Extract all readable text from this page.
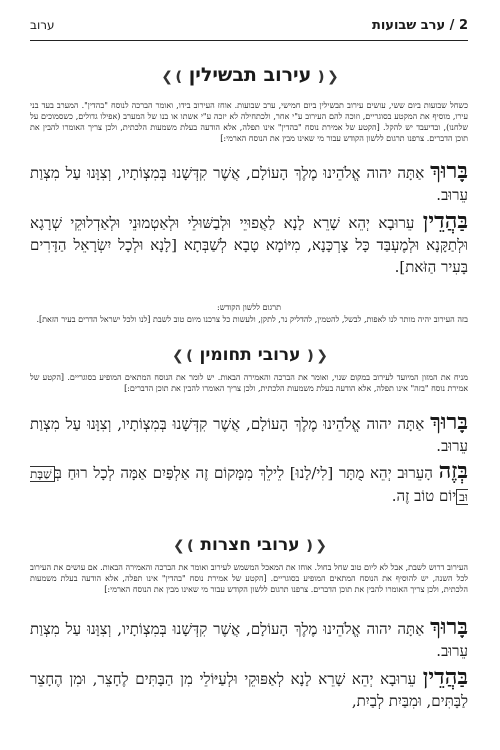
2 / ערב שבועות
ערוב
❮❪עירוב תבשילין❫❯
כשחל שבועות ביום ששי, עושים עירוב תבשילין ביום חמישי, ערב שבועות. אוחז העירוב בידו, ואומר הברכה לנוסח "בהדין". המערב בעד בני עירו, מוסיף את המקטע בסוגריים, וזוכה להם העירוב ע"י אחר, ולכתחילה לא יזכה ע"י אשתו או בנו של המערב (אפילו גדולים, כשסמוכים על שלחנו), ובדיעבד יש להקל. [הקטע של אמירת נוסח "בהדין" אינו תפלה, אלא הודעה בעלת משמעות הלכתית, ולכן צריך האומרו להבין את תוכן הדברים. צרפנו תרגום ללשון הקודש עבור מי שאינו מבין את הנוסח הארמי:]
בָּרוּךְ אַתָּה יהוה אֱלֹהֵינוּ מֶלֶךְ הָעוֹלָם, אֲשֶׁר קִדְּשָׁנוּ בְּמִצְוֹתָיו, וְצִוָּנוּ עַל מִצְוַת עֵרוּב.
בַּהֲדֵין עֵרוּבָא יְהֵא שָׁרֵא לָנָא לַאֲפוּיֵי וּלְבַשּׁוּלֵי וּלְאַטְמוּנֵי וּלְאַדְלוּקֵי שְׁרָגָא וּלְתַקָּנָא וּלְמֶעְבַּד כָּל צָרְכָּנָא, מִיּוֹמָא טָבָא לְשַׁבְּתָא [לָנָא וּלְכָל יִשְׂרָאֵל הַדָּרִים בָּעִיר הַזֹּאת].
תרגום ללשון הקודש:
בזה העירוב יהיה מותר לנו לאפות, לבשל, להטמין, להדליק נר, לתקן, ולעשות כל צרכנו מיום טוב לשבת [לנו ולכל ישראל הדרים בעיר הזאת].
❮❪ערובי תחומין❫❯
מניח את המזון המיועד לעירוב במקום שנוי, ואומר את הברכה והאמירה הבאות. יש לומר את הנוסח המתאים המופיע בסוגריים. [הקטע של אמירת נוסח "בזה" אינו תפלה, אלא הודעה בעלת משמעות הלכתית, ולכן צריך האומרו להבין את תוכן הדברים:]
בָּרוּךְ אַתָּה יהוה אֱלֹהֵינוּ מֶלֶךְ הָעוֹלָם, אֲשֶׁר קִדְּשָׁנוּ בְּמִצְוֹתָיו, וְצִוָּנוּ עַל מִצְוַת עֵרוּב.
בְּזֶה הָעֵרוּב יְהֵא מֻתָּר [לִי/לָנוּ] לֵילֵךְ מִמָּקוֹם זֶה אַלְפַּיִם אַמָּה לְכָל רוּחַ בְּשַׁבָּת וּביוֹם טוֹב זֶה.
❮❪ערובי חצרות❫❯
העירוב דרוש לשבת, אבל לא ליום טוב שחל בחול. אוחז את המאכל המשמש לעירוב ואומר את הברכה והאמירה הבאות. אם עושים את העירוב לכל השנה, יש להוסיף את הנוסח המתאים המופיע בסוגריים. [הקטע של אמירת נוסח "בהדין" אינו תפלה, אלא הודעה בעלת משמעות הלכתית, ולכן צריך האומרו להבין את תוכן הדברים. צרפנו תרגום ללשון הקודש עבור מי שאינו מבין את הנוסח הארמי:]
בָּרוּךְ אַתָּה יהוה אֱלֹהֵינוּ מֶלֶךְ הָעוֹלָם, אֲשֶׁר קִדְּשָׁנוּ בְּמִצְוֹתָיו, וְצִוָּנוּ עַל מִצְוַת עֵרוּב.
בַּהֲדֵין עֵרוּבָא יְהֵא שָׁרֵא לָנָא לְאַפּוּקֵי וּלְעַיּוֹלֵי מִן הַבָּתִּים לֶחָצֵר, וּמִן הֶחָצֵר לַבָּתִּים, וּמִבַּיִת לְבַיִת,
